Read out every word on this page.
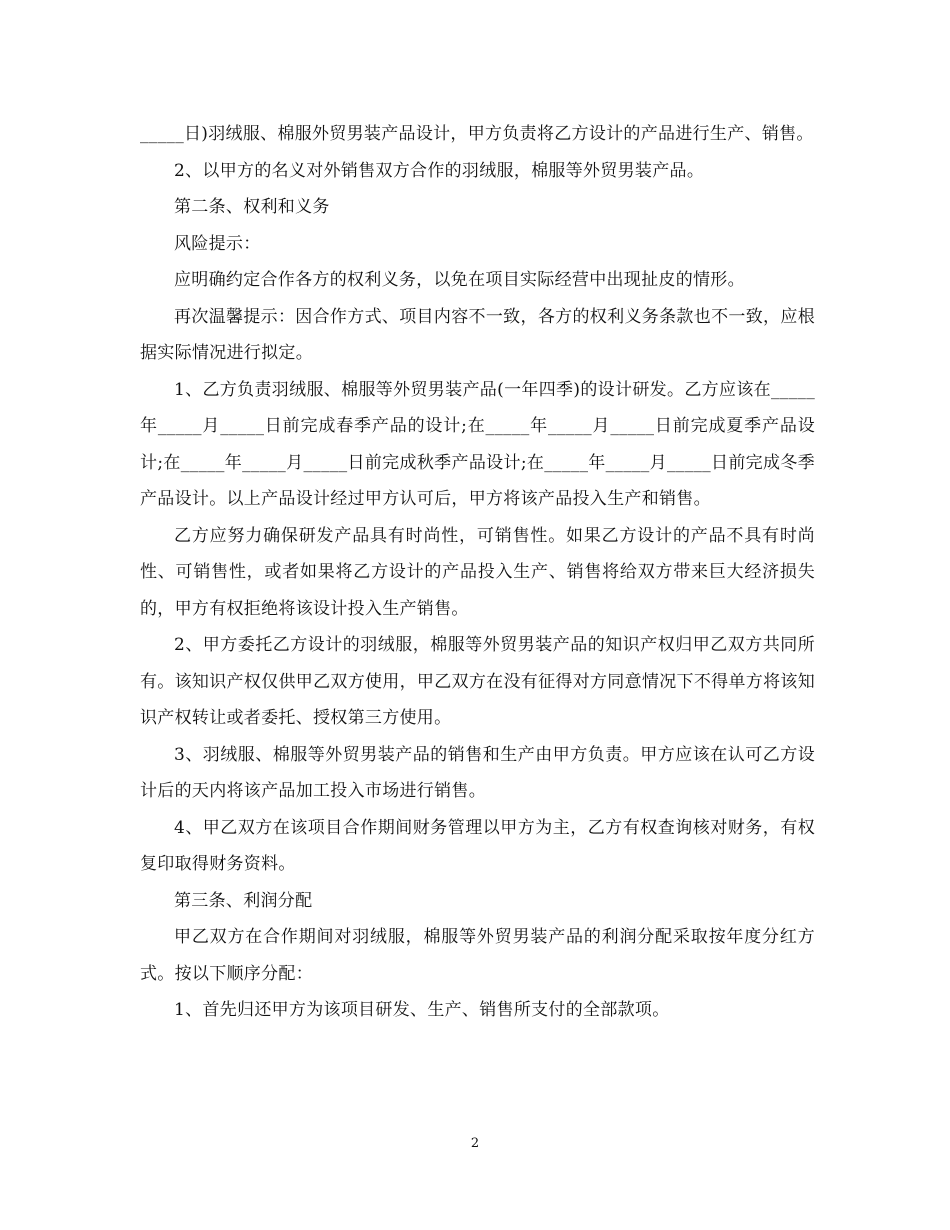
_____日)羽绒服、棉服外贸男装产品设计，甲方负责将乙方设计的产品进行生产、销售。

2、以甲方的名义对外销售双方合作的羽绒服，棉服等外贸男装产品。

第二条、权利和义务

风险提示：

应明确约定合作各方的权利义务，以免在项目实际经营中出现扯皮的情形。

再次温馨提示：因合作方式、项目内容不一致，各方的权利义务条款也不一致，应根据实际情况进行拟定。

1、乙方负责羽绒服、棉服等外贸男装产品(一年四季)的设计研发。乙方应该在_____年_____月_____日前完成春季产品的设计;在_____年_____月_____日前完成夏季产品设计;在_____年_____月_____日前完成秋季产品设计;在_____年_____月_____日前完成冬季产品设计。以上产品设计经过甲方认可后，甲方将该产品投入生产和销售。

乙方应努力确保研发产品具有时尚性，可销售性。如果乙方设计的产品不具有时尚性、可销售性，或者如果将乙方设计的产品投入生产、销售将给双方带来巨大经济损失的，甲方有权拒绝将该设计投入生产销售。

2、甲方委托乙方设计的羽绒服，棉服等外贸男装产品的知识产权归甲乙双方共同所有。该知识产权仅供甲乙双方使用，甲乙双方在没有征得对方同意情况下不得单方将该知识产权转让或者委托、授权第三方使用。

3、羽绒服、棉服等外贸男装产品的销售和生产由甲方负责。甲方应该在认可乙方设计后的天内将该产品加工投入市场进行销售。

4、甲乙双方在该项目合作期间财务管理以甲方为主，乙方有权查询核对财务，有权复印取得财务资料。

第三条、利润分配

甲乙双方在合作期间对羽绒服，棉服等外贸男装产品的利润分配采取按年度分红方式。按以下顺序分配：

1、首先归还甲方为该项目研发、生产、销售所支付的全部款项。

2
